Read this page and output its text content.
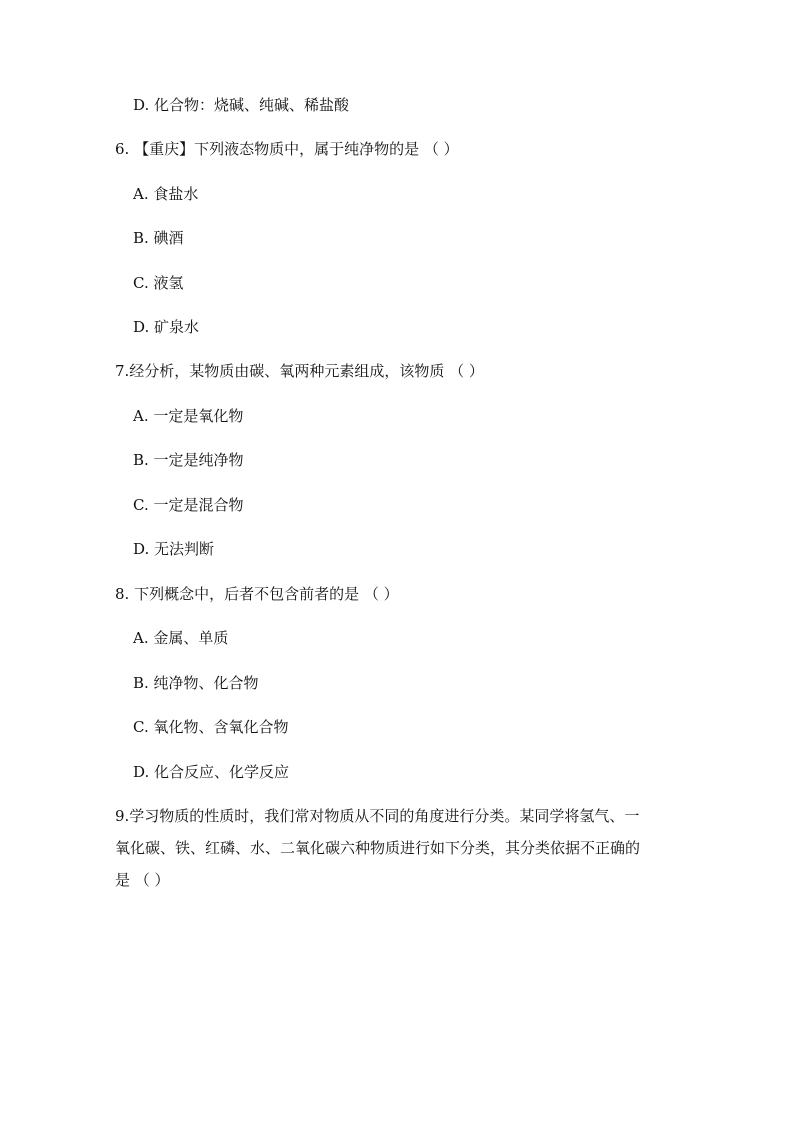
D. 化合物：烧碱、纯碱、稀盐酸
6. 【重庆】下列液态物质中，属于纯净物的是 （ ）
A. 食盐水
B. 碘酒
C. 液氢
D. 矿泉水
7.经分析，某物质由碳、氧两种元素组成，该物质 （ ）
A. 一定是氧化物
B. 一定是纯净物
C. 一定是混合物
D. 无法判断
8. 下列概念中，后者不包含前者的是 （ ）
A. 金属、单质
B. 纯净物、化合物
C. 氧化物、含氧化合物
D. 化合反应、化学反应
9.学习物质的性质时，我们常对物质从不同的角度进行分类。某同学将氢气、一
氧化碳、铁、红磷、水、二氧化碳六种物质进行如下分类，其分类依据不正确的
是 （ ）
